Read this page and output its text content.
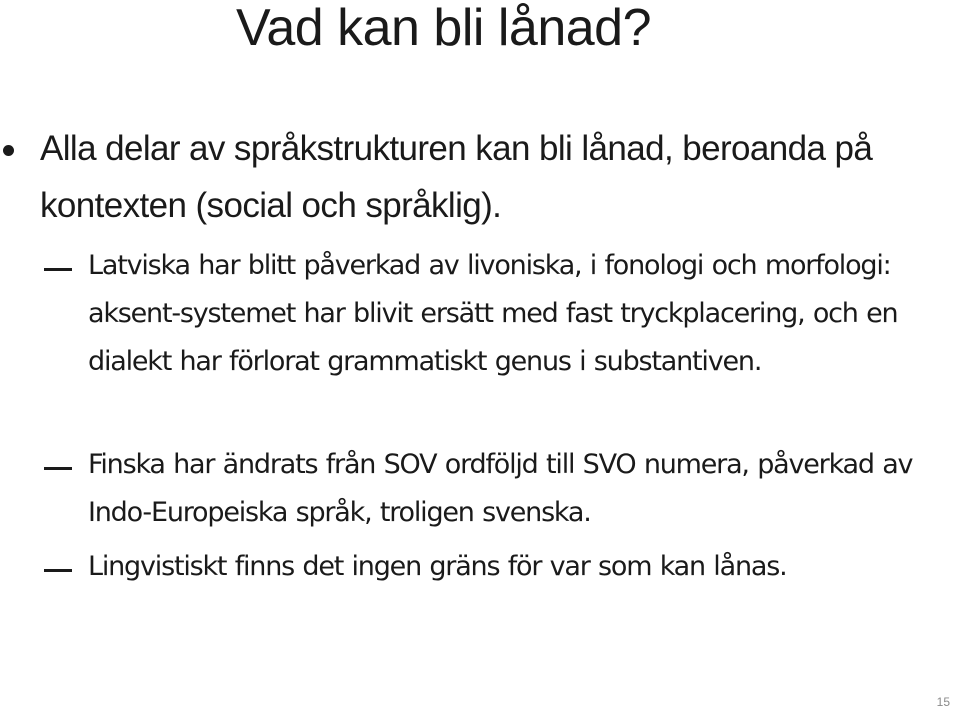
Vad kan bli lånad?

Alla delar av språkstrukturen kan bli lånad, beroanda på kontexten (social och språklig).

Latviska har blitt påverkad av livoniska, i fonologi och morfologi: aksent-systemet har blivit ersätt med fast tryckplacering, och en dialekt har förlorat grammatiskt genus i substantiven.

Finska har ändrats från SOV ordföljd till SVO numera, påverkad av Indo-Europeiska språk, troligen svenska.

Lingvistiskt finns det ingen gräns för var som kan lånas.

15
